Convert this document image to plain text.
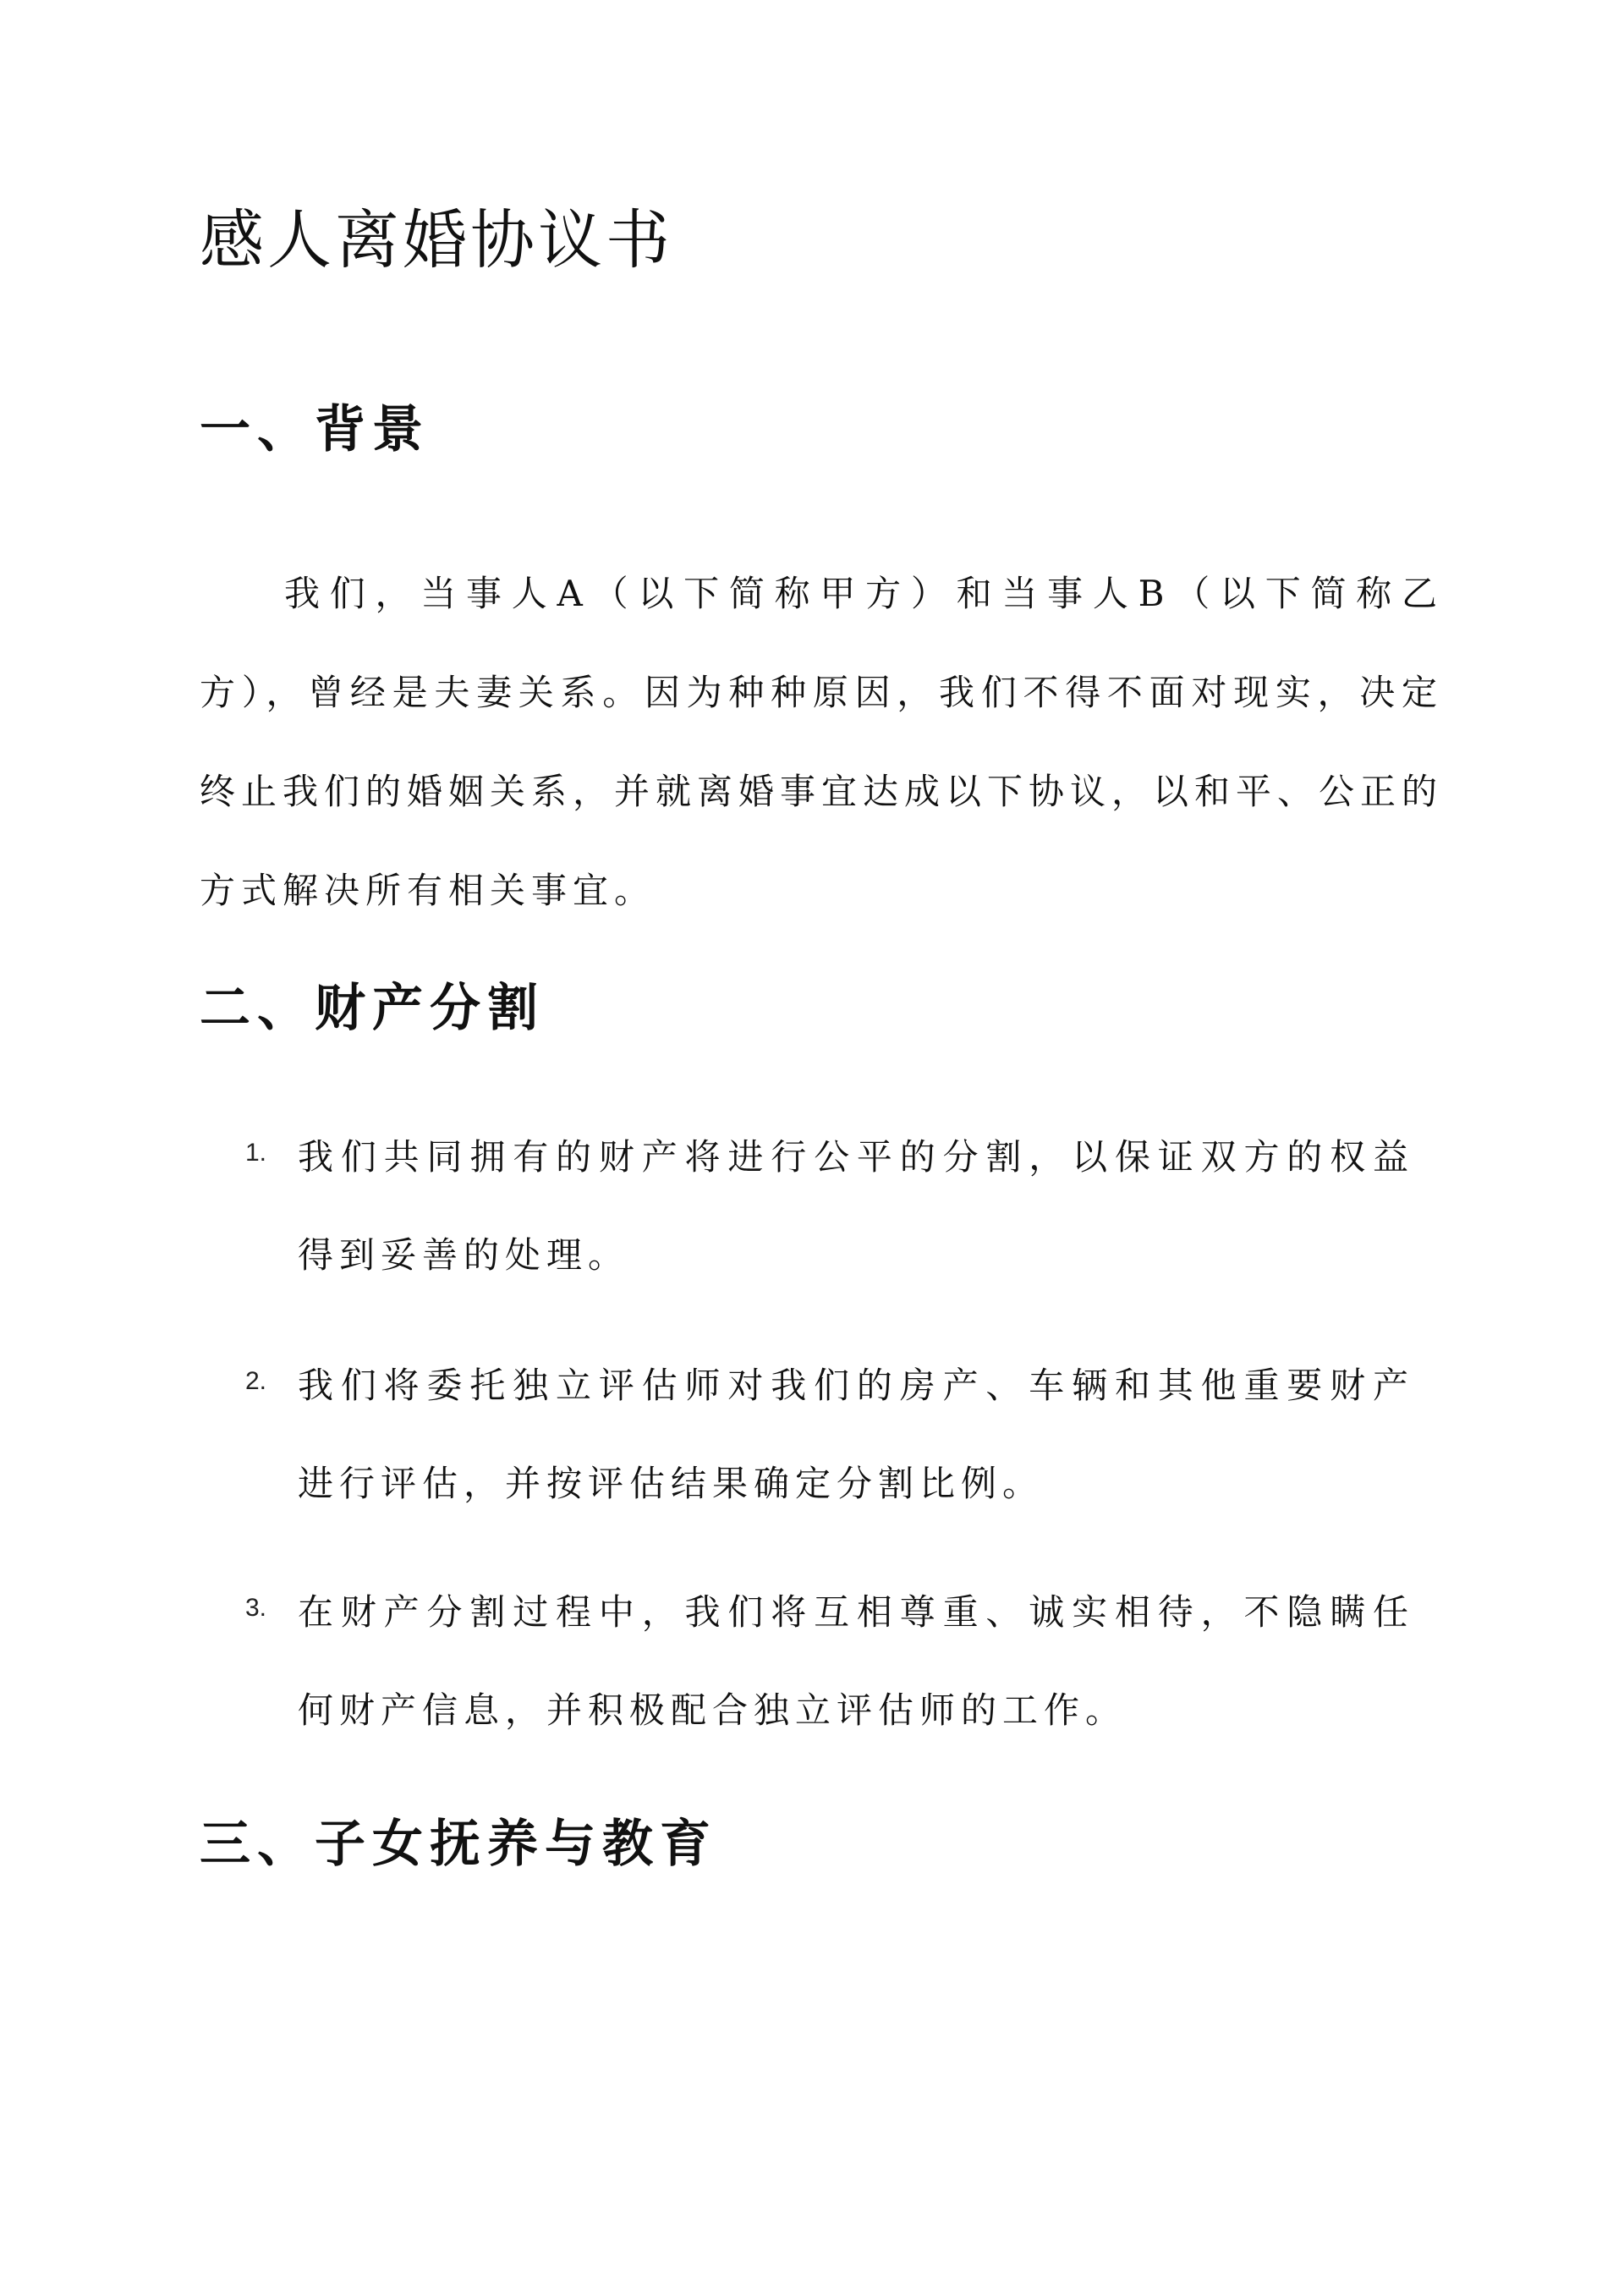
感人离婚协议书
一、背景

我们，当事人A（以下简称甲方）和当事人B（以下简称乙方），曾经是夫妻关系。因为种种原因，我们不得不面对现实，决定终止我们的婚姻关系，并就离婚事宜达成以下协议，以和平、公正的方式解决所有相关事宜。

二、财产分割
1. 我们共同拥有的财产将进行公平的分割，以保证双方的权益得到妥善的处理。

2. 我们将委托独立评估师对我们的房产、车辆和其他重要财产进行评估，并按评估结果确定分割比例。

3. 在财产分割过程中，我们将互相尊重、诚实相待，不隐瞒任何财产信息，并积极配合独立评估师的工作。

三、子女抚养与教育
